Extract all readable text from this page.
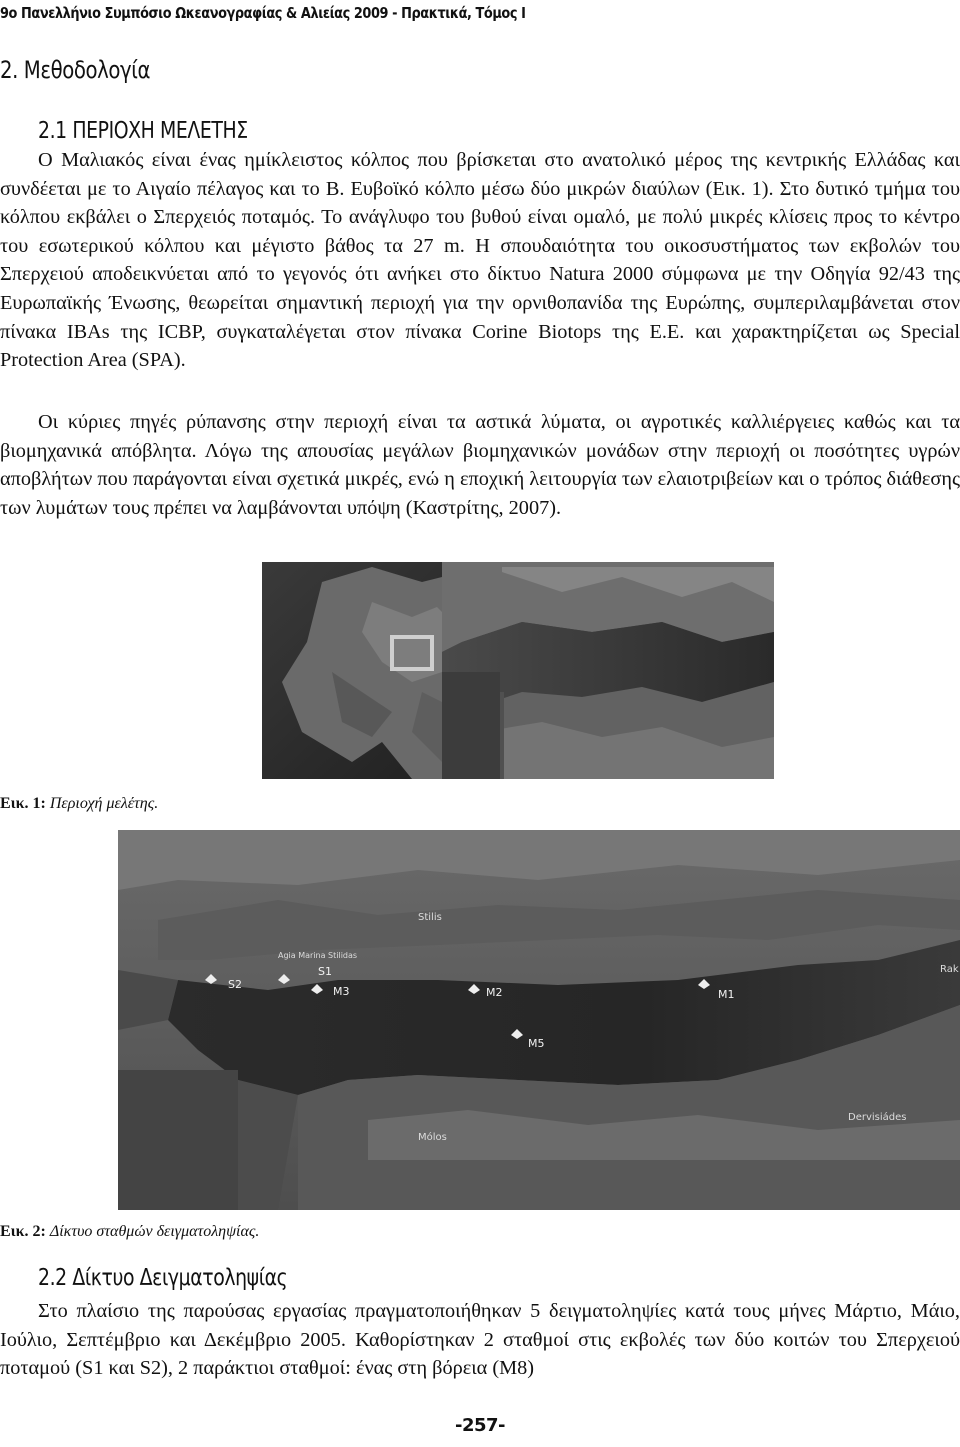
9ο Πανελλήνιο Συμπόσιο Ωκεανογραφίας & Αλιείας 2009 - Πρακτικά, Τόμος Ι
2. Μεθοδολογία
2.1 ΠΕΡΙΟΧΗ ΜΕΛΕΤΗΣ

Ο Μαλιακός είναι ένας ημίκλειστος κόλπος που βρίσκεται στο ανατολικό μέρος της κεντρικής Ελλάδας και συνδέεται με το Αιγαίο πέλαγος και το Β. Ευβοϊκό κόλπο μέσω δύο μικρών διαύλων (Εικ. 1). Στο δυτικό τμήμα του κόλπου εκβάλει ο Σπερχειός ποταμός. Το ανάγλυφο του βυθού είναι ομαλό, με πολύ μικρές κλίσεις προς το κέντρο του εσωτερικού κόλπου και μέγιστο βάθος τα 27 m. Η σπουδαιότητα του οικοσυστήματος των εκβολών του Σπερχειού αποδεικνύεται από το γεγονός ότι ανήκει στο δίκτυο Natura 2000 σύμφωνα με την Οδηγία 92/43 της Ευρωπαϊκής Ένωσης, θεωρείται σημαντική περιοχή για την ορνιθοπανίδα της Ευρώπης, συμπεριλαμβάνεται στον πίνακα IBAs της ICBP, συγκαταλέγεται στον πίνακα Corine Biotops της Ε.Ε. και χαρακτηρίζεται ως Special Protection Area (SPA).

Οι κύριες πηγές ρύπανσης στην περιοχή είναι τα αστικά λύματα, οι αγροτικές καλλιέργειες καθώς και τα βιομηχανικά απόβλητα. Λόγω της απουσίας μεγάλων βιομηχανικών μονάδων στην περιοχή οι ποσότητες υγρών αποβλήτων που παράγονται είναι σχετικά μικρές, ενώ η εποχική λειτουργία των ελαιοτριβείων και ο τρόπος διάθεσης των λυμάτων τους πρέπει να λαμβάνονται υπόψη (Καστρίτης, 2007).

Εικ. 1: Περιοχή μελέτης.
S2
S1
M3	M2
M5
M1
Stilis
Agia Marina Stilidas
Mólos
Dervisiádes
Rak
Εικ. 2: Δίκτυο σταθμών δειγματοληψίας.
2.2 Δίκτυο Δειγματοληψίας

Στο πλαίσιο της παρούσας εργασίας πραγματοποιήθηκαν 5 δειγματοληψίες κατά τους μήνες Μάρτιο, Μάιο, Ιούλιο, Σεπτέμβριο και Δεκέμβριο 2005. Καθορίστηκαν 2 σταθμοί στις εκβολές των δύο κοιτών του Σπερχειού ποταμού (S1 και S2), 2 παράκτιοι σταθμοί: ένας στη βόρεια (M8)

-257-
